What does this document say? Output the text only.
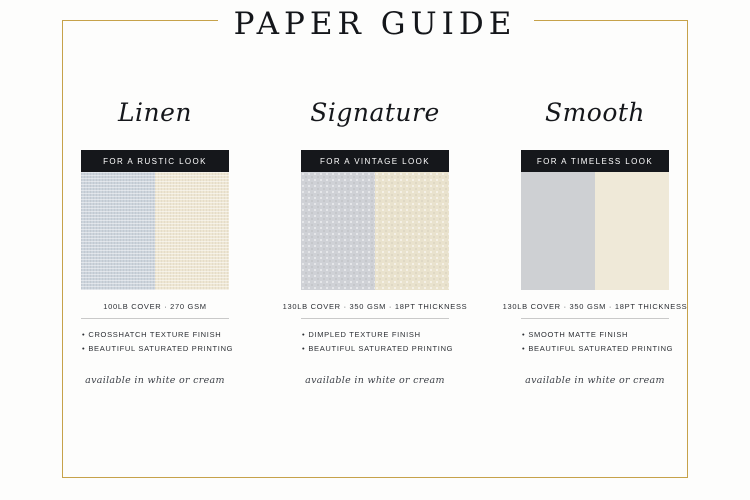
PAPER GUIDE
Linen
FOR A RUSTIC LOOK
100LB COVER · 270 GSM
• CROSSHATCH TEXTURE FINISH
• BEAUTIFUL SATURATED PRINTING
available in white or cream
Signature
FOR A VINTAGE LOOK
130LB COVER · 350 GSM · 18PT THICKNESS
• DIMPLED TEXTURE FINISH
• BEAUTIFUL SATURATED PRINTING
available in white or cream
Smooth
FOR A TIMELESS LOOK
130LB COVER · 350 GSM · 18PT THICKNESS
• SMOOTH MATTE FINISH
• BEAUTIFUL SATURATED PRINTING
available in white or cream
